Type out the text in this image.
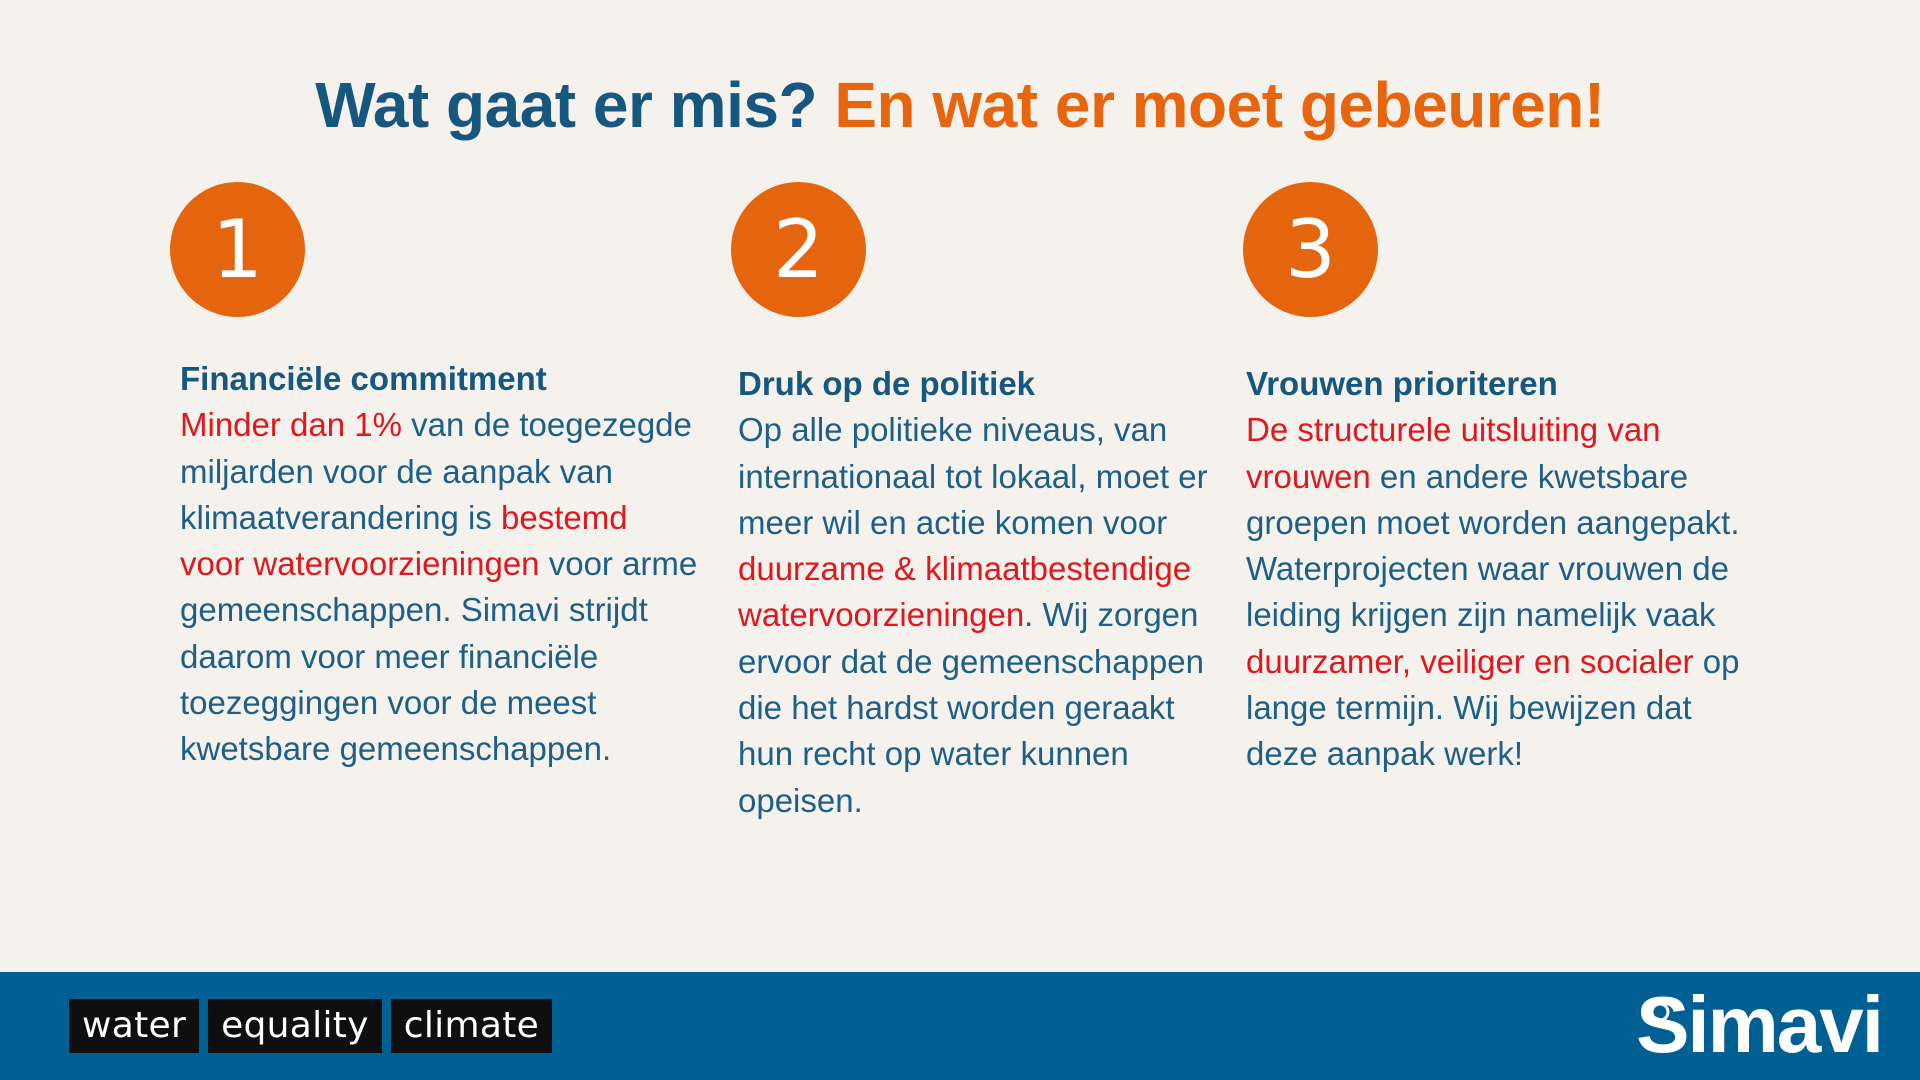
Wat gaat er mis? En wat er moet gebeuren!
1	2	3
Financiële commitment
Minder dan 1% van de toegezegde miljarden voor de aanpak van klimaatverandering is bestemd voor watervoorzieningen voor arme gemeenschappen. Simavi strijdt daarom voor meer financiële toezeggingen voor de meest kwetsbare gemeenschappen.
Druk op de politiek
Op alle politieke niveaus, van internationaal tot lokaal, moet er meer wil en actie komen voor duurzame & klimaatbestendige watervoorzieningen. Wij zorgen ervoor dat de gemeenschappen die het hardst worden geraakt hun recht op water kunnen opeisen.
Vrouwen prioriteren
De structurele uitsluiting van vrouwen en andere kwetsbare groepen moet worden aangepakt. Waterprojecten waar vrouwen de leiding krijgen zijn namelijk vaak duurzamer, veiliger en socialer op lange termijn. Wij bewijzen dat deze aanpak werk!
water equality climate	Simavi
